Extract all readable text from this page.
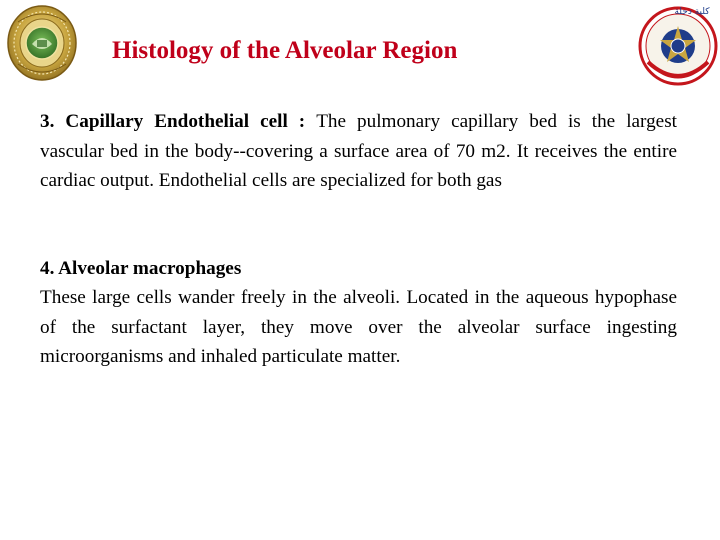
Histology of the Alveolar Region
كلية دجلة

3. Capillary Endothelial cell : The pulmonary capillary bed is the largest vascular bed in the body--covering a surface area of 70 m2. It receives the entire cardiac output. Endothelial cells are specialized for both gas

4. Alveolar macrophages
These large cells wander freely in the alveoli. Located in the aqueous hypophase of the surfactant layer, they move over the alveolar surface ingesting microorganisms and inhaled particulate matter.
